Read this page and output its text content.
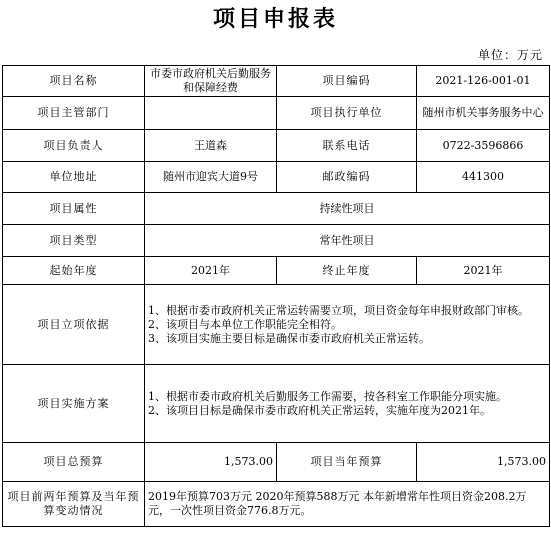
项目申报表
单位：万元
项目名称	市委市政府机关后勤服务和保障经费	项目编码	2021-126-001-01
项目主管部门		项目执行单位	随州市机关事务服务中心
项目负责人	王道森	联系电话	0722-3596866
单位地址	随州市迎宾大道9号	邮政编码	441300
项目属性	持续性项目		
项目类型	常年性项目		
起始年度	2021年	终止年度	2021年
项目立项依据	1、根据市委市政府机关正常运转需要立项，项目资金每年申报财政部门审核。
2、该项目与本单位工作职能完全相符。
3、该项目实施主要目标是确保市委市政府机关正常运转。		
项目实施方案	1、根据市委市政府机关后勤服务工作需要，按各科室工作职能分项实施。
2、该项目目标是确保市委市政府机关正常运转，实施年度为2021年。		
项目总预算	1,573.00	项目当年预算	1,573.00
项目前两年预算及当年预算变动情况	2019年预算703万元 2020年预算588万元 本年新增常年性项目资金208.2万元，一次性项目资金776.8万元。		
